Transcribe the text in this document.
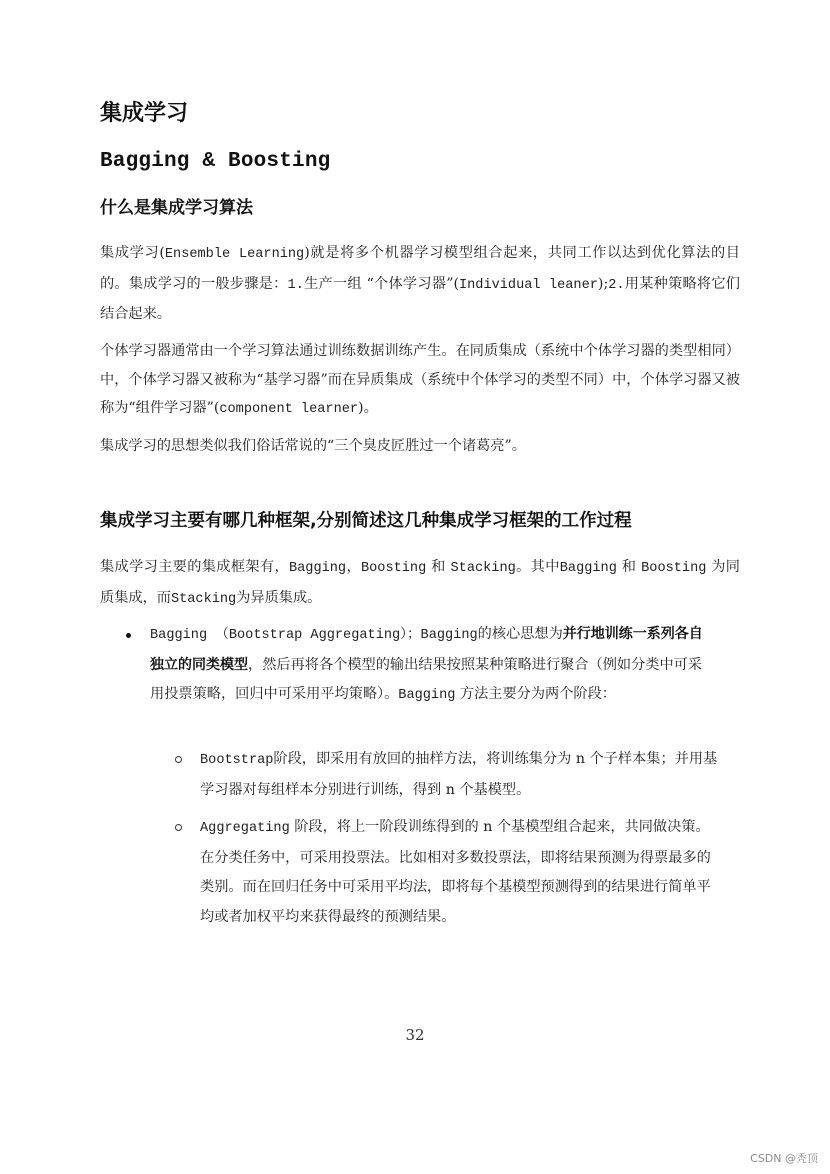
集成学习
Bagging & Boosting
什么是集成学习算法

集成学习(Ensemble Learning)就是将多个机器学习模型组合起来，共同工作以达到优化算法的目的。集成学习的一般步骤是：1.生产一组 “个体学习器”(Individual leaner);2.用某种策略将它们结合起来。

个体学习器通常由一个学习算法通过训练数据训练产生。在同质集成（系统中个体学习器的类型相同）中，个体学习器又被称为“基学习器”而在异质集成（系统中个体学习的类型不同）中，个体学习器又被称为“组件学习器”(component learner)。

集成学习的思想类似我们俗话常说的“三个臭皮匠胜过一个诸葛亮”。

集成学习主要有哪几种框架,分别简述这几种集成学习框架的工作过程

集成学习主要的集成框架有，Bagging，Boosting 和 Stacking。其中Bagging 和 Boosting 为同质集成，而Stacking为异质集成。

Bagging （Bootstrap Aggregating）；Bagging的核心思想为并行地训练一系列各自独立的同类模型，然后再将各个模型的输出结果按照某种策略进行聚合（例如分类中可采用投票策略，回归中可采用平均策略）。Bagging 方法主要分为两个阶段：
Bootstrap阶段，即采用有放回的抽样方法，将训练集分为 n 个子样本集；并用基学习器对每组样本分别进行训练，得到 n 个基模型。
Aggregating 阶段，将上一阶段训练得到的 n 个基模型组合起来，共同做决策。在分类任务中，可采用投票法。比如相对多数投票法，即将结果预测为得票最多的类别。而在回归任务中可采用平均法，即将每个基模型预测得到的结果进行简单平均或者加权平均来获得最终的预测结果。
32
CSDN @秃顶
